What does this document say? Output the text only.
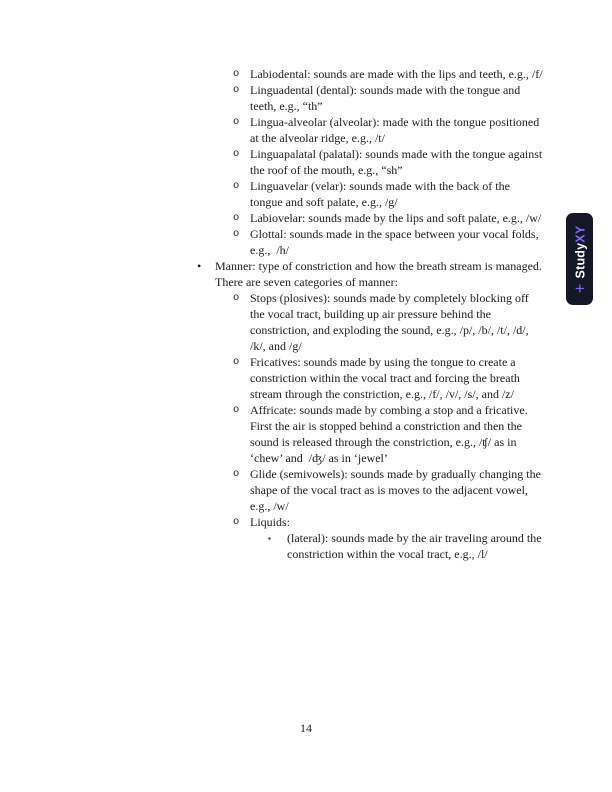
o Labiodental: sounds are made with the lips and teeth, e.g., /f/
o Linguadental (dental): sounds made with the tongue and teeth, e.g., “th”
o Lingua-alveolar (alveolar): made with the tongue positioned at the alveolar ridge, e.g., /t/
o Linguapalatal (palatal): sounds made with the tongue against the roof of the mouth, e.g., “sh”
o Linguavelar (velar): sounds made with the back of the tongue and soft palate, e.g., /g/
o Labiovelar: sounds made by the lips and soft palate, e.g., /w/
o Glottal: sounds made in the space between your vocal folds, e.g.,  /h/
•	Manner: type of constriction and how the breath stream is managed. There are seven categories of manner:
o Stops (plosives): sounds made by completely blocking off the vocal tract, building up air pressure behind the constriction, and exploding the sound, e.g., /p/, /b/, /t/, /d/, /k/, and /g/
o Fricatives: sounds made by using the tongue to create a constriction within the vocal tract and forcing the breath stream through the constriction, e.g., /f/, /v/, /s/, and /z/
o Affricate: sounds made by combing a stop and a fricative. First the air is stopped behind a constriction and then the sound is released through the constriction, e.g., /ʧ/ as in ‘chew’ and  /ʤ/ as in ‘jewel’
o Glide (semivowels): sounds made by gradually changing the shape of the vocal tract as is moves to the adjacent vowel, e.g., /w/
o Liquids:
▪	(lateral): sounds made by the air traveling around the constriction within the vocal tract, e.g., /l/
+
Study
XY
14
